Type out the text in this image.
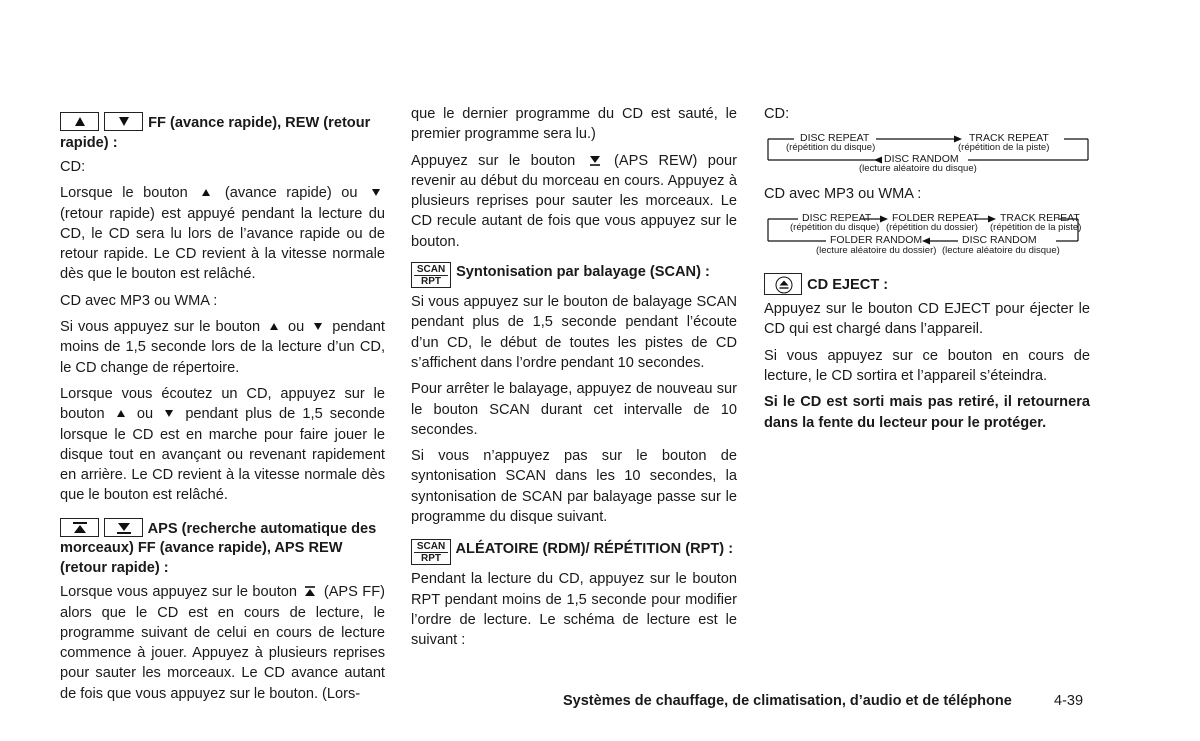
FF (avance rapide), REW (retour rapide) :

CD:

Lorsque le bouton	(avance rapide) ou
(retour rapide) est appuyé pendant la lecture du CD, le CD sera lu lors de l’avance rapide ou de retour rapide. Le CD revient à la vitesse normale dès que le bouton est relâché.

CD avec MP3 ou WMA :

Si vous appuyez sur le bouton ou pendant moins de 1,5 seconde lors de la lecture d’un CD, le CD change de répertoire.

Lorsque vous écoutez un CD, appuyez sur le bouton ou pendant plus de 1,5 seconde lorsque le CD est en marche pour faire jouer le disque tout en avançant ou revenant rapidement en arrière. Le CD revient à la vitesse normale dès que le bouton est relâché.

APS (recherche automatique des morceaux) FF (avance rapide), APS REW (retour rapide) :

Lorsque vous appuyez sur le bouton (APS FF) alors que le CD est en cours de lecture, le programme suivant de celui en cours de lecture commence à jouer. Appuyez à plusieurs reprises pour sauter les morceaux. Le CD avance autant de fois que vous appuyez sur le bouton. (Lors-

que le dernier programme du CD est sauté, le premier programme sera lu.)

Appuyez sur le bouton	(APS REW) pour revenir au début du morceau en cours. Appuyez à plusieurs reprises pour sauter les morceaux. Le CD recule autant de fois que vous appuyez sur le bouton.

SCAN
RPT
Syntonisation par balayage (SCAN) :

Si vous appuyez sur le bouton de balayage SCAN pendant plus de 1,5 seconde pendant l’écoute d’un CD, le début de toutes les pistes de CD s’affichent dans l’ordre pendant 10 secondes.

Pour arrêter le balayage, appuyez de nouveau sur le bouton SCAN durant cet intervalle de 10 secondes.

Si vous n’appuyez pas sur le bouton de syntonisation SCAN dans les 10 secondes, la syntonisation de SCAN par balayage passe sur le programme du disque suivant.

SCAN
RPT
ALÉATOIRE (RDM)/ RÉPÉTITION (RPT) :

Pendant la lecture du CD, appuyez sur le bouton RPT pendant moins de 1,5 seconde pour modifier l’ordre de lecture. Le schéma de lecture est le suivant :

CD:

DISC REPEAT
(répétition du disque)
TRACK REPEAT
(répétition de la piste)
DISC RANDOM
(lecture aléatoire du disque)

CD avec MP3 ou WMA :

DISC REPEAT
(répétition du disque)
FOLDER REPEAT
(répétition du dossier)
TRACK REPEAT
(répétition de la piste)
FOLDER RANDOM
(lecture aléatoire du dossier)
DISC RANDOM
(lecture aléatoire du disque)
CD EJECT :

Appuyez sur le bouton CD EJECT pour éjecter le CD qui est chargé dans l’appareil.

Si vous appuyez sur ce bouton en cours de lecture, le CD sortira et l’appareil s’éteindra.

Si le CD est sorti mais pas retiré, il retournera dans la fente du lecteur pour le protéger.

Systèmes de chauffage, de climatisation, d’audio et de téléphone	4-39
